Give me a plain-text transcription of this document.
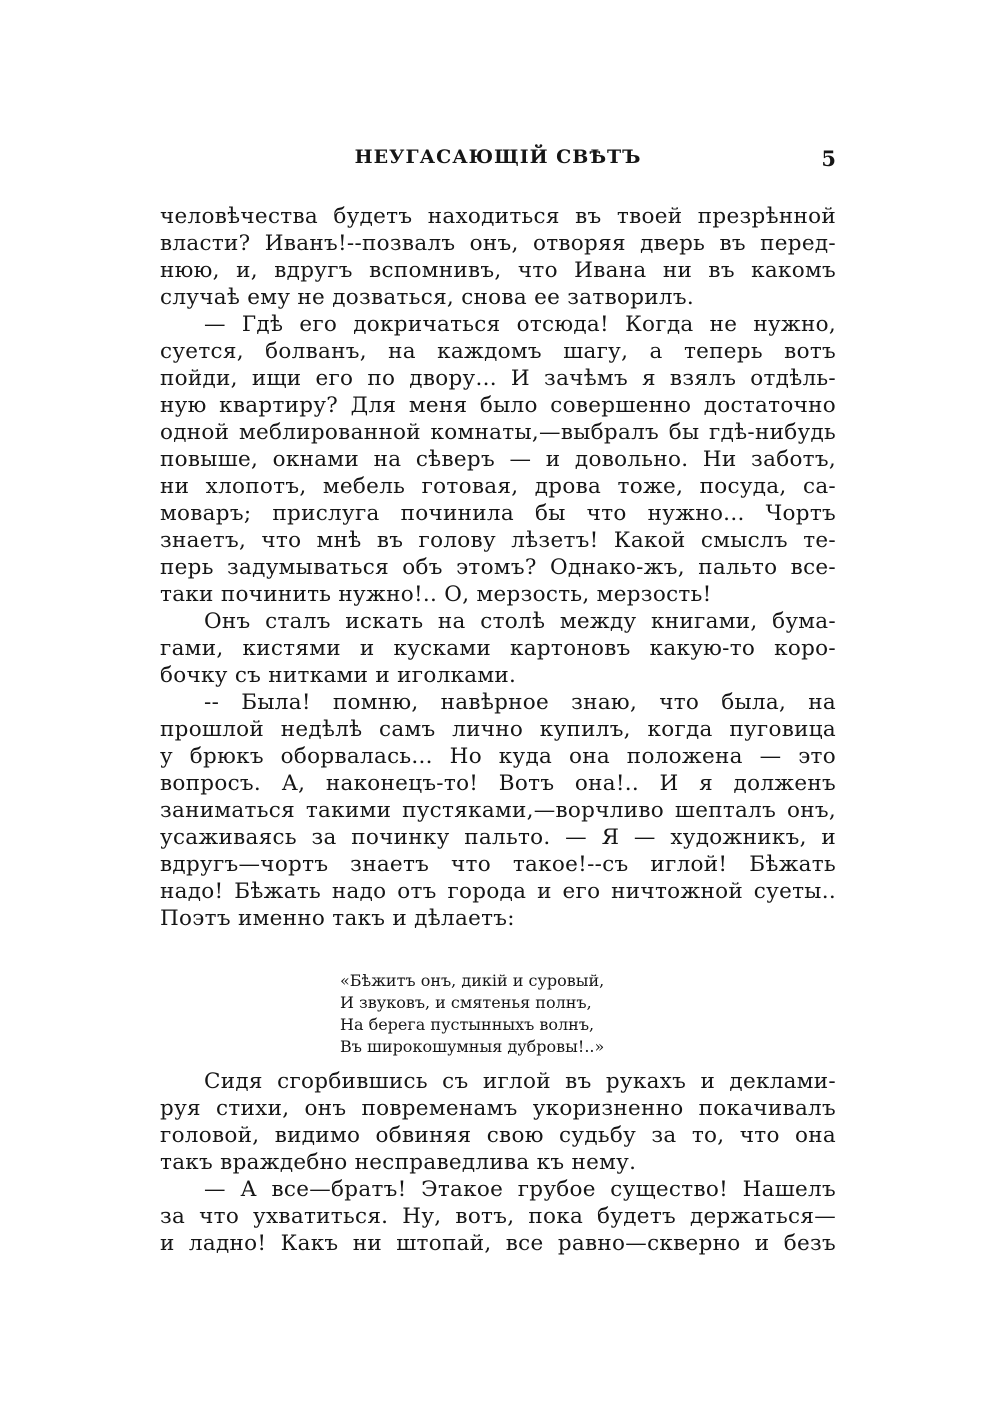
НЕУГАСАЮЩІЙ СВѢТЪ	5
человѣчества будетъ находиться въ твоей презрѣнной
власти? Иванъ!--позвалъ онъ, отворяя дверь въ перед-
нюю, и, вдругъ вспомнивъ, что Ивана ни въ какомъ
случаѣ ему не дозваться, снова ее затворилъ.
— Гдѣ его докричаться отсюда! Когда не нужно,
суется, болванъ, на каждомъ шагу, а теперь вотъ
пойди, ищи его по двору... И зачѣмъ я взялъ отдѣль-
ную квартиру? Для меня было совершенно достаточно
одной меблированной комнаты,—выбралъ бы гдѣ-нибудь
повыше, окнами на сѣверъ — и довольно. Ни заботъ,
ни хлопотъ, мебель готовая, дрова тоже, посуда, са-
моваръ; прислуга починила бы что нужно... Чортъ
знаетъ, что мнѣ въ голову лѣзетъ! Какой смыслъ те-
перь задумываться объ этомъ? Однако-жъ, пальто все-
таки починить нужно!.. О, мерзость, мерзость!
Онъ сталъ искать на столѣ между книгами, бума-
гами, кистями и кусками картоновъ какую-то коро-
бочку съ нитками и иголками.
-- Была! помню, навѣрное знаю, что была, на
прошлой недѣлѣ самъ лично купилъ, когда пуговица
у брюкъ оборвалась... Но куда она положена — это
вопросъ. А, наконецъ-то! Вотъ она!.. И я долженъ
заниматься такими пустяками,—ворчливо шепталъ онъ,
усаживаясь за починку пальто. — Я — художникъ, и
вдругъ—чортъ знаетъ что такое!--съ иглой! Бѣжать
надо! Бѣжать надо отъ города и его ничтожной суеты..
Поэтъ именно такъ и дѣлаетъ:
«Бѣжитъ онъ, дикій и суровый,
И звуковъ, и смятенья полнъ,
На берега пустынныхъ волнъ,
Въ широкошумныя дубровы!..»
Сидя сгорбившись съ иглой въ рукахъ и деклами-
руя стихи, онъ повременамъ укоризненно покачивалъ
головой, видимо обвиняя свою судьбу за то, что она
такъ враждебно несправедлива къ нему.
— А все—братъ! Этакое грубое существо! Нашелъ
за что ухватиться. Ну, вотъ, пока будетъ держаться—
и ладно! Какъ ни штопай, все равно—скверно и безъ
